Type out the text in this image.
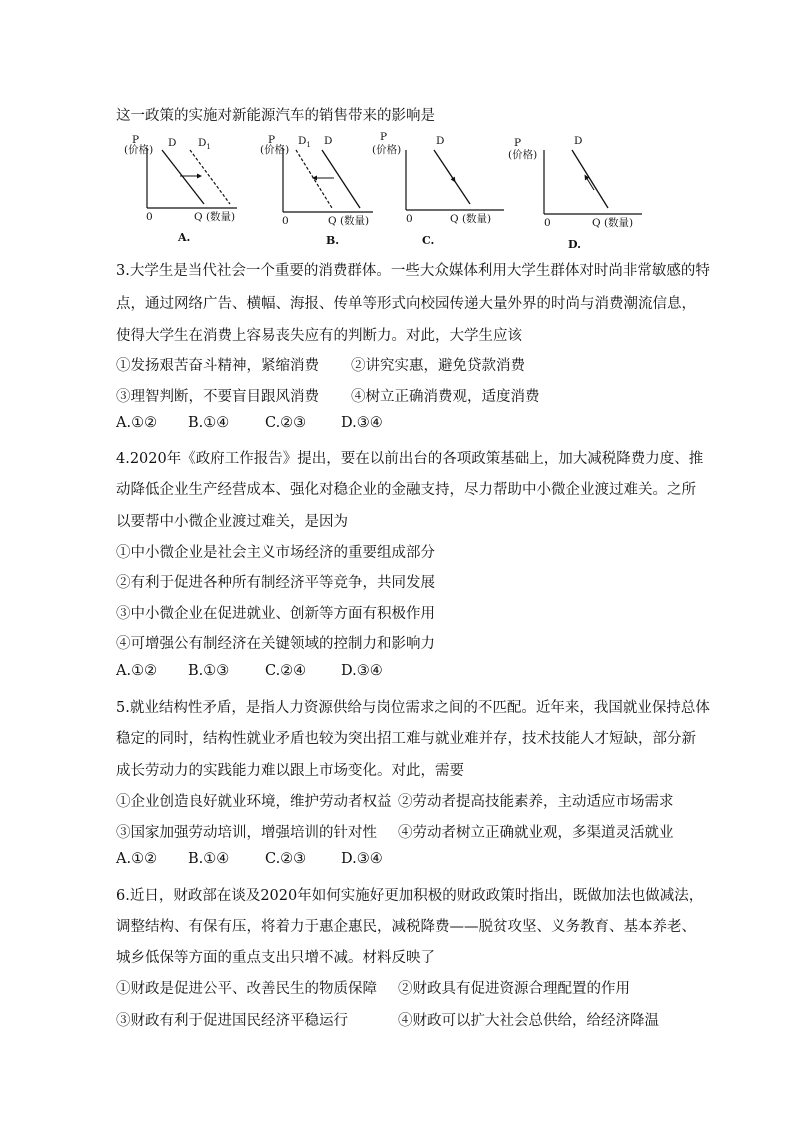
这一政策的实施对新能源汽车的销售带来的影响是
P
(价格)
D $D_1$
0	Q (数量)
A.
P
(价格)
$D_1$ D
0	Q (数量)
B.
P
(价格)
D
0	Q (数量)
C.
P
(价格)
D
0	Q (数量)
D.
3.大学生是当代社会一个重要的消费群体。一些大众媒体利用大学生群体对时尚非常敏感的特
点，通过网络广告、横幅、海报、传单等形式向校园传递大量外界的时尚与消费潮流信息，
使得大学生在消费上容易丧失应有的判断力。对此，大学生应该
①发扬艰苦奋斗精神，紧缩消费 ②讲究实惠，避免贷款消费
③理智判断，不要盲目跟风消费 ④树立正确消费观，适度消费
A.①② B.①④ C.②③ D.③④
4.2020年《政府工作报告》提出，要在以前出台的各项政策基础上，加大减税降费力度、推
动降低企业生产经营成本、强化对稳企业的金融支持，尽力帮助中小微企业渡过难关。之所
以要帮中小微企业渡过难关，是因为
①中小微企业是社会主义市场经济的重要组成部分
②有利于促进各种所有制经济平等竞争，共同发展
③中小微企业在促进就业、创新等方面有积极作用
④可增强公有制经济在关键领域的控制力和影响力
A.①② B.①③ C.②④ D.③④
5.就业结构性矛盾，是指人力资源供给与岗位需求之间的不匹配。近年来，我国就业保持总体
稳定的同时，结构性就业矛盾也较为突出招工难与就业难并存，技术技能人才短缺，部分新
成长劳动力的实践能力难以跟上市场变化。对此，需要
①企业创造良好就业环境，维护劳动者权益 ②劳动者提高技能素养，主动适应市场需求
③国家加强劳动培训，增强培训的针对性 ④劳动者树立正确就业观，多渠道灵活就业
A.①② B.①④ C.②③ D.③④
6.近日，财政部在谈及2020年如何实施好更加积极的财政政策时指出，既做加法也做减法，
调整结构、有保有压，将着力于惠企惠民，减税降费——脱贫攻坚、义务教育、基本养老、
城乡低保等方面的重点支出只增不减。材料反映了
①财政是促进公平、改善民生的物质保障 ②财政具有促进资源合理配置的作用
③财政有利于促进国民经济平稳运行	④财政可以扩大社会总供给，给经济降温
